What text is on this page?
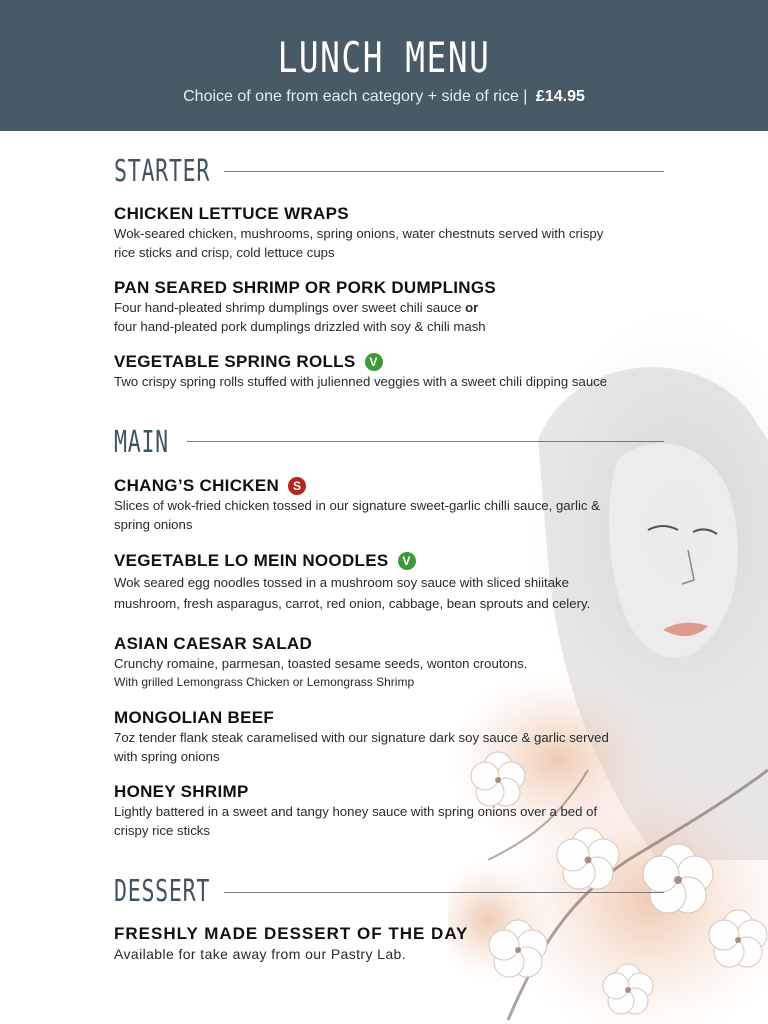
LUNCH MENU
Choice of one from each category + side of rice | £14.95
STARTER
CHICKEN LETTUCE WRAPS
Wok-seared chicken, mushrooms, spring onions, water chestnuts served with crispy
rice sticks and crisp, cold lettuce cups
PAN SEARED SHRIMP OR PORK DUMPLINGS
Four hand-pleated shrimp dumplings over sweet chili sauce or
four hand-pleated pork dumplings drizzled with soy & chili mash
VEGETABLE SPRING ROLLS V
Two crispy spring rolls stuffed with julienned veggies with a sweet chili dipping sauce
MAIN
CHANG’S CHICKEN S
Slices of wok-fried chicken tossed in our signature sweet-garlic chilli sauce, garlic &
spring onions
VEGETABLE LO MEIN NOODLES V
Wok seared egg noodles tossed in a mushroom soy sauce with sliced shiitake
mushroom, fresh asparagus, carrot, red onion, cabbage, bean sprouts and celery.
ASIAN CAESAR SALAD
Crunchy romaine, parmesan, toasted sesame seeds, wonton croutons.
With grilled Lemongrass Chicken or Lemongrass Shrimp
MONGOLIAN BEEF
7oz tender flank steak caramelised with our signature dark soy sauce & garlic served
with spring onions
HONEY SHRIMP
Lightly battered in a sweet and tangy honey sauce with spring onions over a bed of
crispy rice sticks
DESSERT
FRESHLY MADE DESSERT OF THE DAY
Available for take away from our Pastry Lab.
